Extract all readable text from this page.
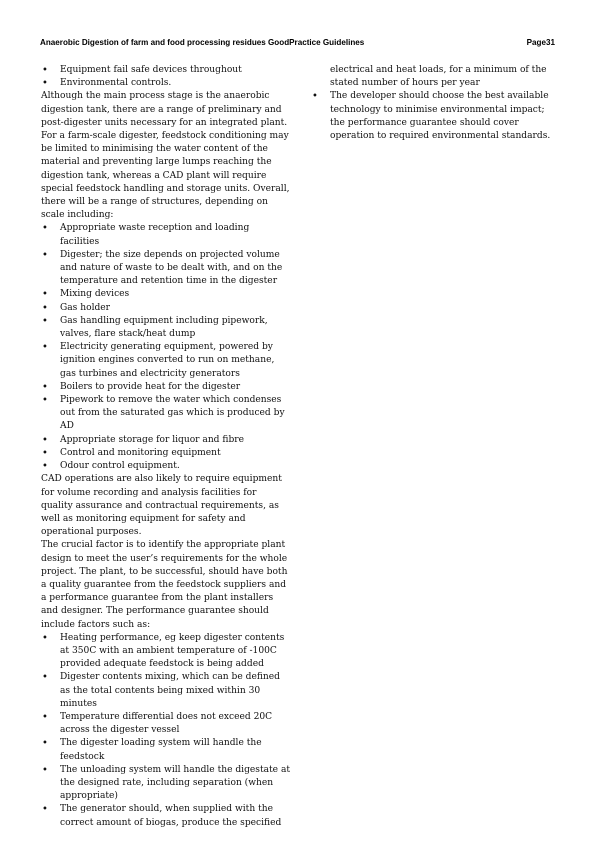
Anaerobic Digestion of farm and food processing residues GoodPractice Guidelines	Page31
• Equipment fail safe devices throughout
• Environmental controls.

Although the main process stage is the anaerobic digestion tank, there are a range of preliminary and post-digester units necessary for an integrated plant. For a farm-scale digester, feedstock conditioning may be limited to minimising the water content of the material and preventing large lumps reaching the digestion tank, whereas a CAD plant will require special feedstock handling and storage units. Overall, there will be a range of structures, depending on scale including:

• Appropriate waste reception and loading facilities
• Digester; the size depends on projected volume and nature of waste to be dealt with, and on the temperature and retention time in the digester
• Mixing devices
• Gas holder
• Gas handling equipment including pipework, valves, flare stack/heat dump
• Electricity generating equipment, powered by ignition engines converted to run on methane, gas turbines and electricity generators
• Boilers to provide heat for the digester
• Pipework to remove the water which condenses out from the saturated gas which is produced by AD
• Appropriate storage for liquor and fibre
• Control and monitoring equipment
• Odour control equipment.

CAD operations are also likely to require equipment for volume recording and analysis facilities for quality assurance and contractual requirements, as well as monitoring equipment for safety and operational purposes.

The crucial factor is to identify the appropriate plant design to meet the user’s requirements for the whole project. The plant, to be successful, should have both a quality guarantee from the feedstock suppliers and a performance guarantee from the plant installers and designer. The performance guarantee should include factors such as:

• Heating performance, eg keep digester contents at 350C with an ambient temperature of -100C provided adequate feedstock is being added
• Digester contents mixing, which can be defined as the total contents being mixed within 30 minutes
• Temperature differential does not exceed 20C across the digester vessel
• The digester loading system will handle the feedstock
• The unloading system will handle the digestate at the designed rate, including separation (when appropriate)
• The generator should, when supplied with the correct amount of biogas, produce the specified

electrical and heat loads, for a minimum of the stated number of hours per year

• The developer should choose the best available technology to minimise environmental impact; the performance guarantee should cover operation to required environmental standards.
